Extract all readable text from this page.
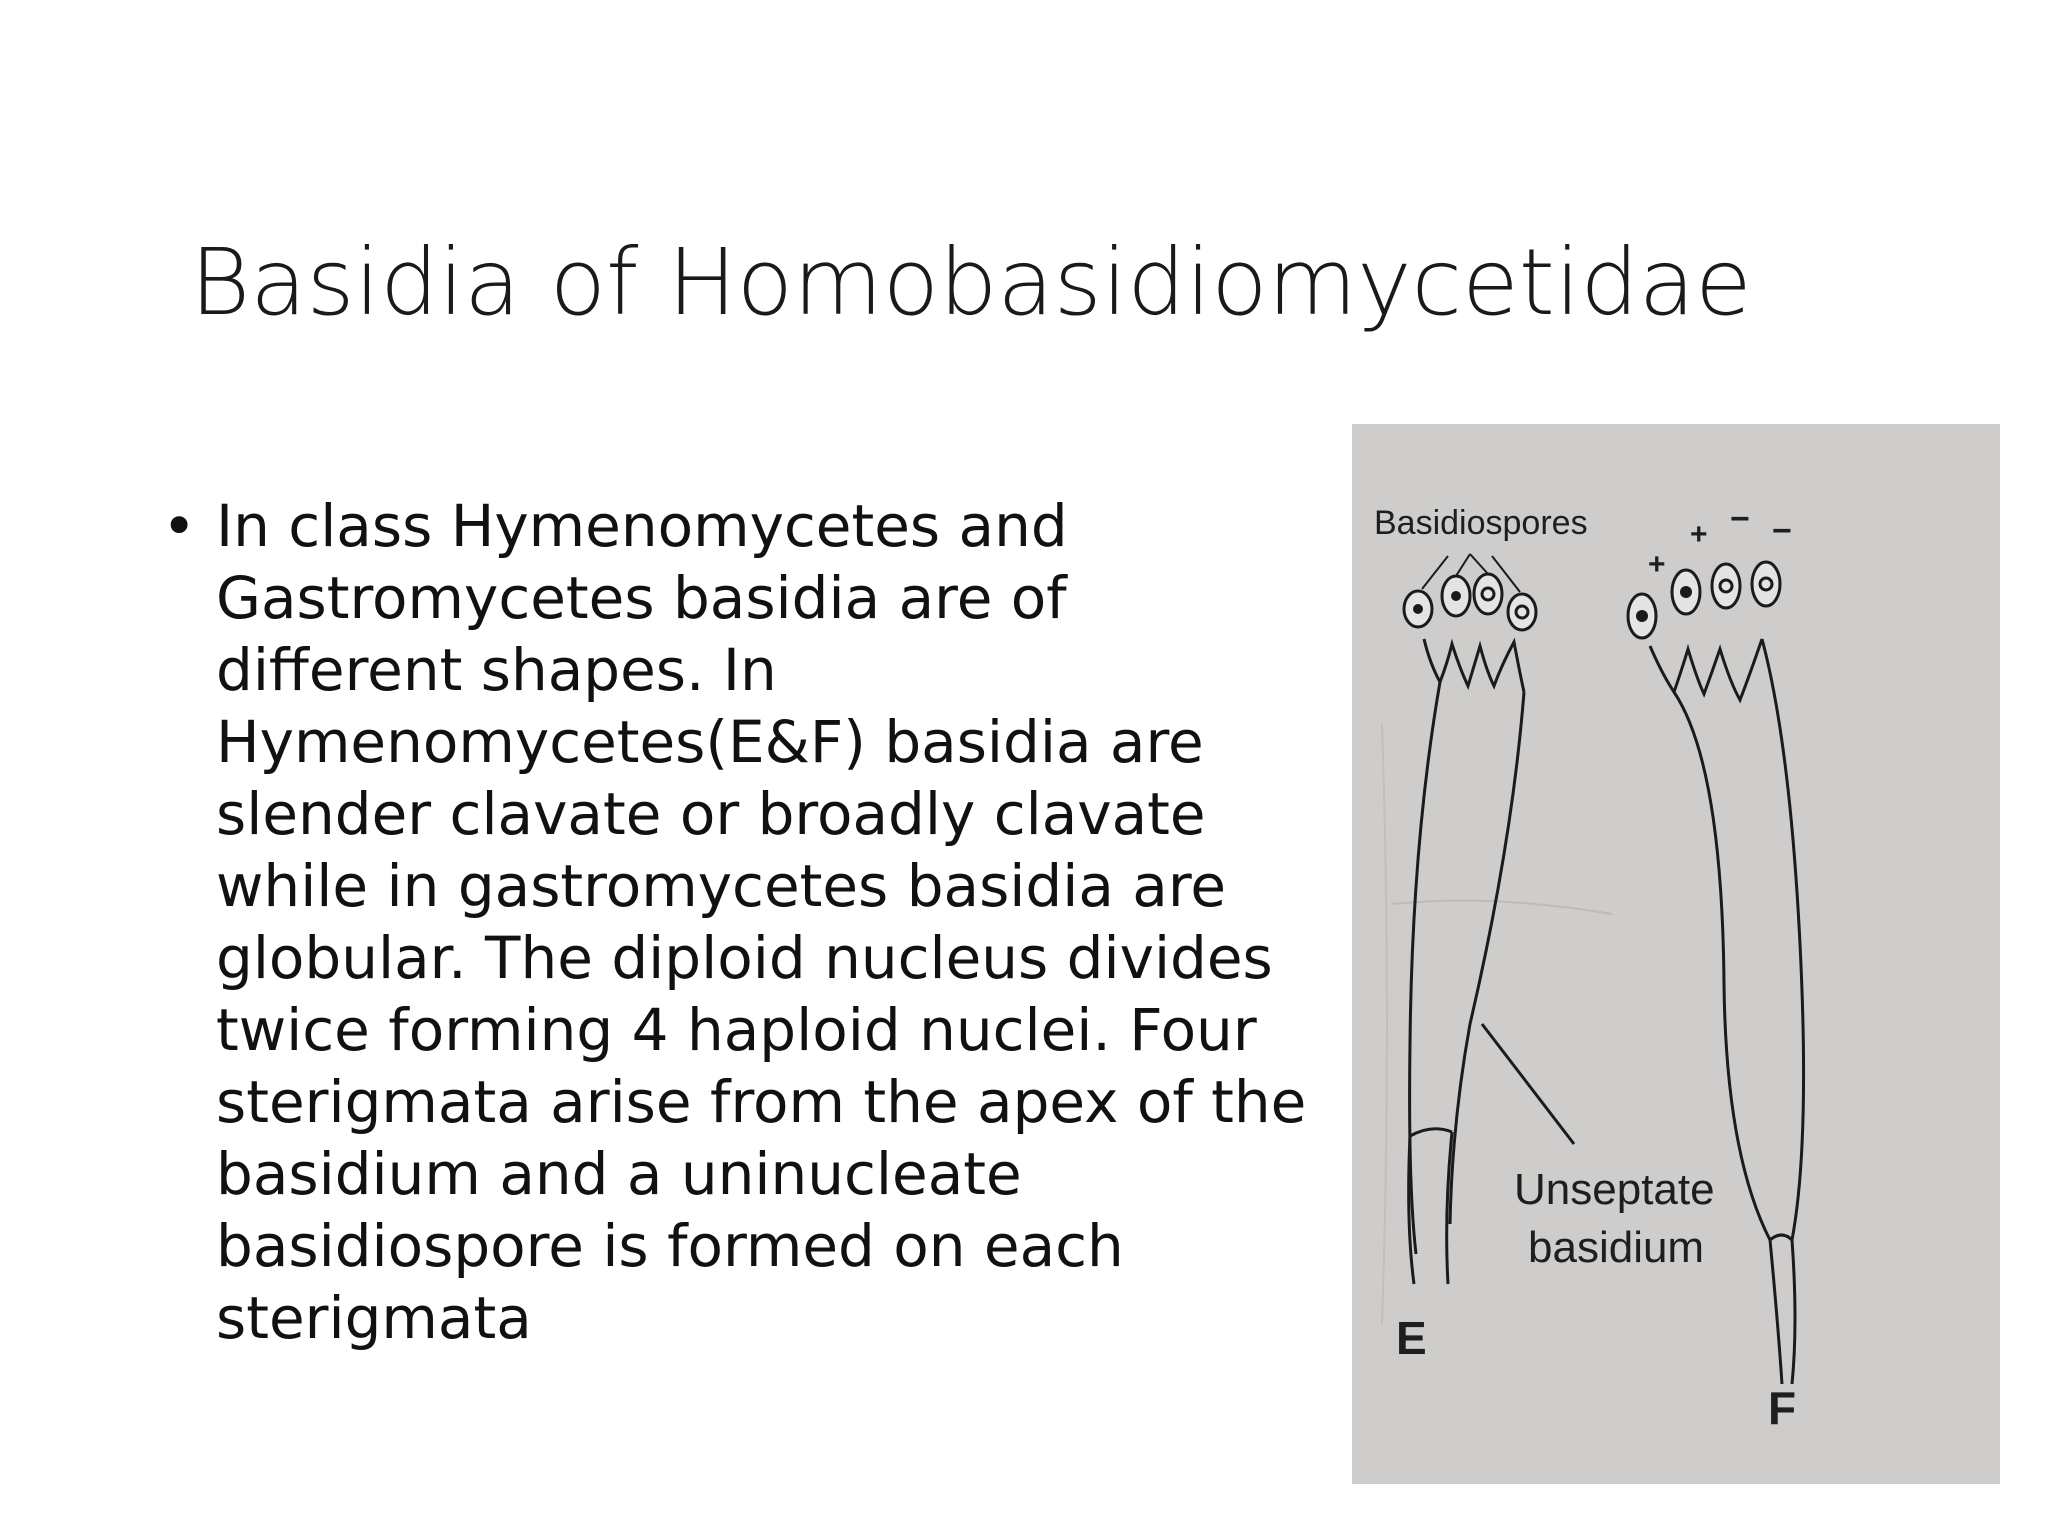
Basidia of Homobasidiomycetidae
• In class Hymenomycetes and Gastromycetes basidia are of different shapes. In Hymenomycetes(E&F) basidia are slender clavate or broadly clavate while in gastromycetes basidia are globular. The diploid nucleus divides twice forming 4 haploid nuclei. Four sterigmata arise from the apex of the basidium and a uninucleate basidiospore is formed on each sterigmata
Basidiospores
+
+ − −
Unseptate
basidium
E
F
